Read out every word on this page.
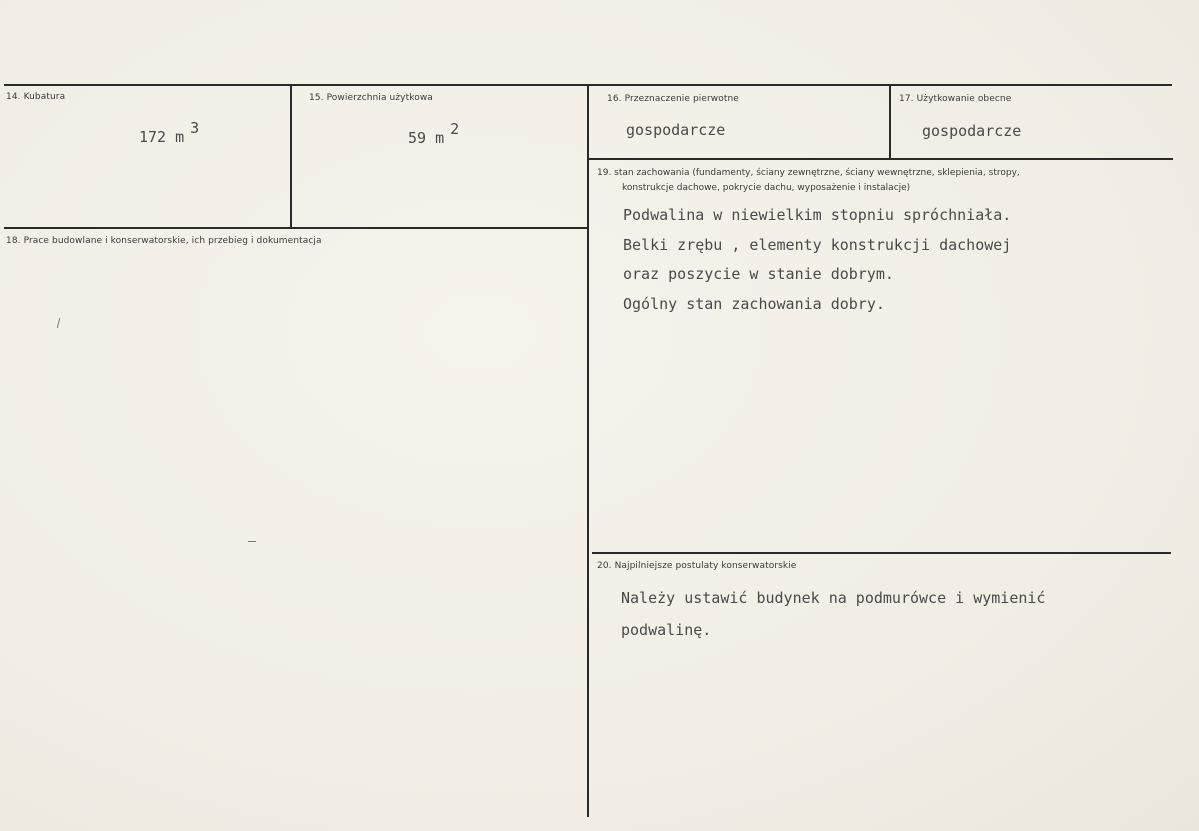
14. Kubatura
172 m 3
15. Powierzchnia użytkowa
59 m 2
16. Przeznaczenie pierwotne
gospodarcze
17. Użytkowanie obecne
gospodarcze
18. Prace budowlane i konserwatorskie, ich przebieg i dokumentacja
19. stan zachowania (fundamenty, ściany zewnętrzne, ściany wewnętrzne, sklepienia, stropy,
konstrukcje dachowe, pokrycie dachu, wyposażenie i instalacje)
Podwalina w niewielkim stopniu spróchniała.
Belki zrębu , elementy konstrukcji dachowej
oraz poszycie w stanie dobrym.
Ogólny stan zachowania dobry.
20. Najpilniejsze postulaty konserwatorskie
Należy ustawić budynek na podmurówce i wymienić
podwalinę.
